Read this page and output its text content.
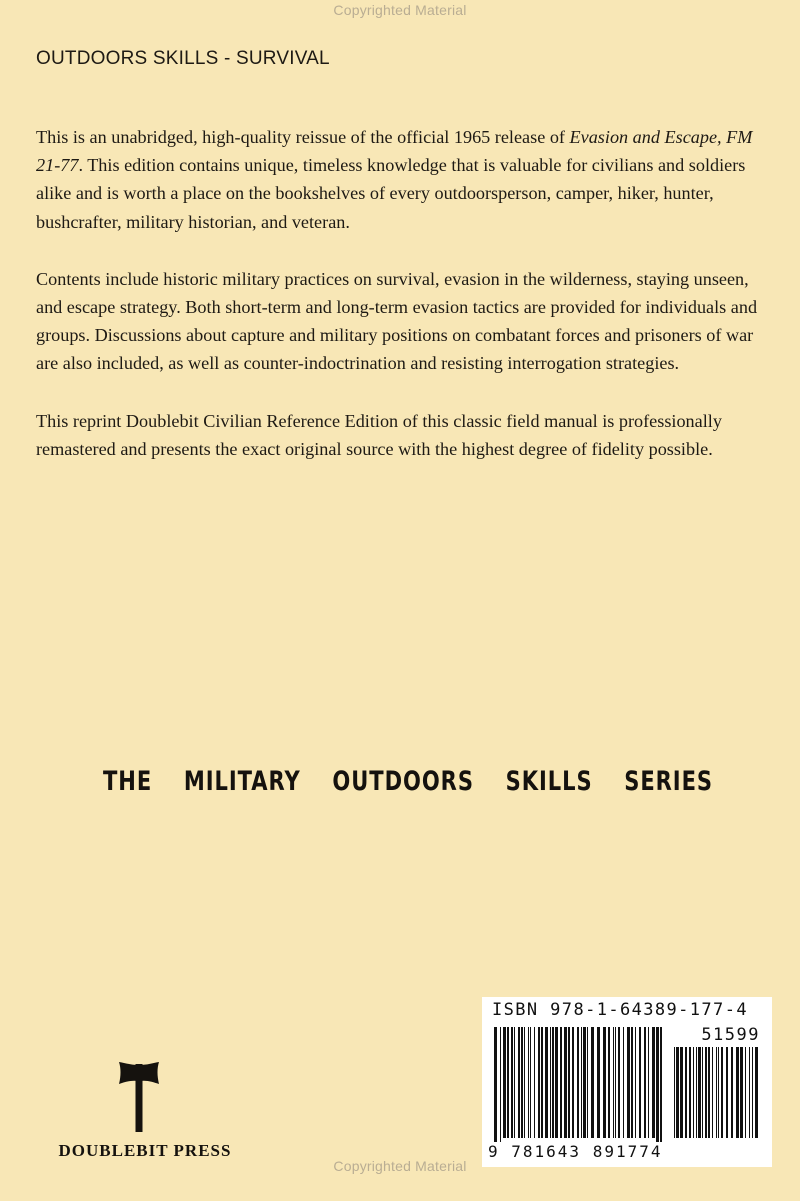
Copyrighted Material
OUTDOORS SKILLS - SURVIVAL

This is an unabridged, high-quality reissue of the official 1965 release of Evasion and Escape, FM 21-77. This edition contains unique, timeless knowledge that is valuable for civilians and soldiers alike and is worth a place on the bookshelves of every outdoorsperson, camper, hiker, hunter, bushcrafter, military historian, and veteran.

Contents include historic military practices on survival, evasion in the wilderness, staying unseen, and escape strategy. Both short-term and long-term evasion tactics are provided for individuals and groups. Discussions about capture and military positions on combatant forces and prisoners of war are also included, as well as counter-indoctrination and resisting interrogation strategies.

This reprint Doublebit Civilian Reference Edition of this classic field manual is professionally remastered and presents the exact original source with the highest degree of fidelity possible.

THE MILITARY OUTDOORS SKILLS SERIES
DOUBLEBIT PRESS
ISBN 978-1-64389-177-4
51599
9 781643 891774
Copyrighted Material
